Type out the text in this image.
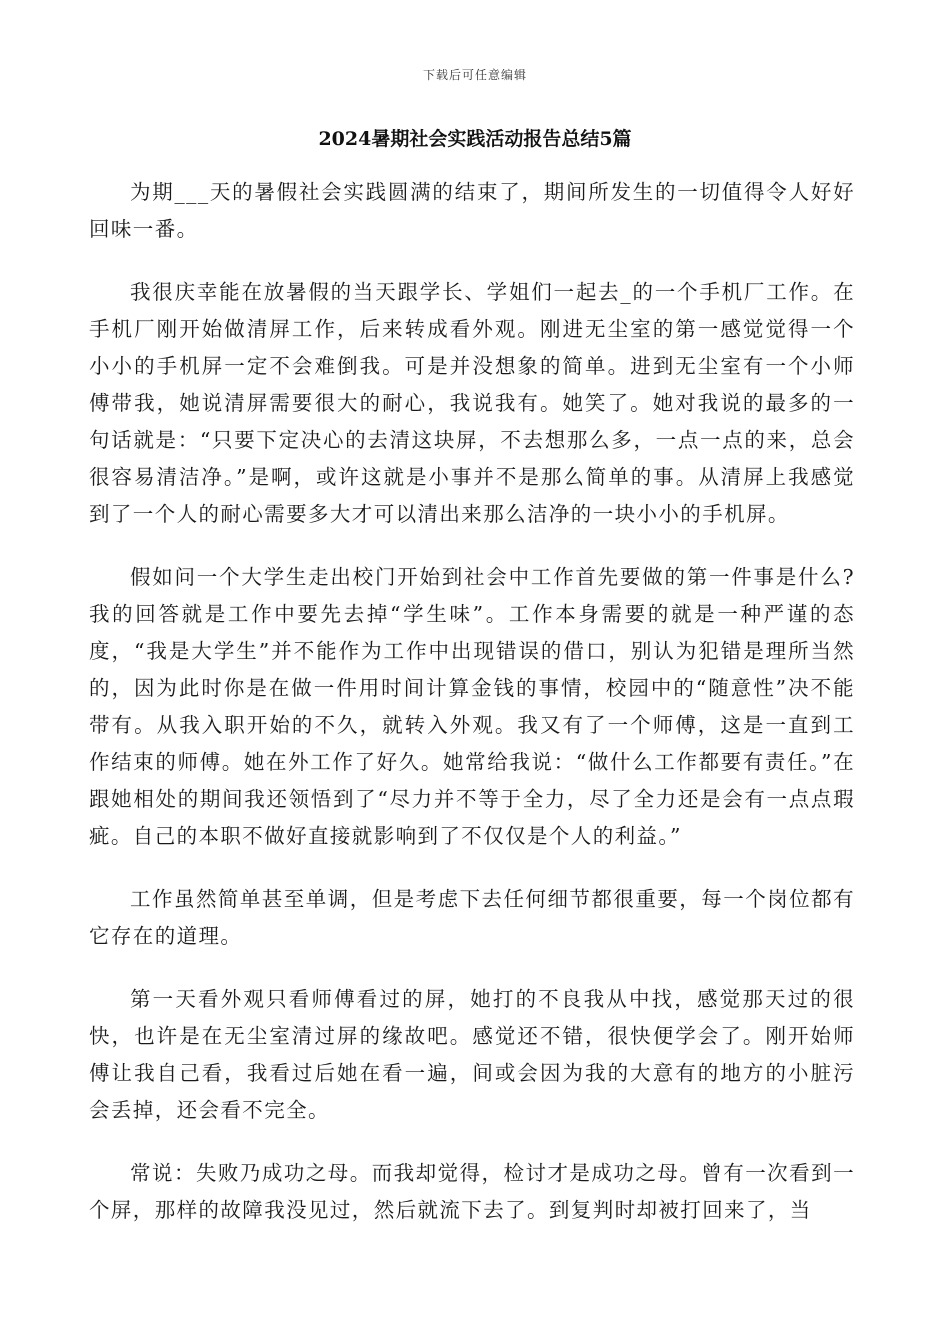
下载后可任意编辑
2024暑期社会实践活动报告总结5篇

为期___天的暑假社会实践圆满的结束了，期间所发生的一切值得令人好好回味一番。

我很庆幸能在放暑假的当天跟学长、学姐们一起去_的一个手机厂工作。在手机厂刚开始做清屏工作，后来转成看外观。刚进无尘室的第一感觉觉得一个小小的手机屏一定不会难倒我。可是并没想象的简单。进到无尘室有一个小师傅带我，她说清屏需要很大的耐心，我说我有。她笑了。她对我说的最多的一句话就是：“只要下定决心的去清这块屏，不去想那么多，一点一点的来，总会很容易清洁净。”是啊，或许这就是小事并不是那么简单的事。从清屏上我感觉到了一个人的耐心需要多大才可以清出来那么洁净的一块小小的手机屏。

假如问一个大学生走出校门开始到社会中工作首先要做的第一件事是什么?我的回答就是工作中要先去掉“学生味”。工作本身需要的就是一种严谨的态度，“我是大学生”并不能作为工作中出现错误的借口，别认为犯错是理所当然的，因为此时你是在做一件用时间计算金钱的事情，校园中的“随意性”决不能带有。从我入职开始的不久，就转入外观。我又有了一个师傅，这是一直到工作结束的师傅。她在外工作了好久。她常给我说：“做什么工作都要有责任。”在跟她相处的期间我还领悟到了“尽力并不等于全力，尽了全力还是会有一点点瑕疵。自己的本职不做好直接就影响到了不仅仅是个人的利益。”

工作虽然简单甚至单调，但是考虑下去任何细节都很重要，每一个岗位都有它存在的道理。

第一天看外观只看师傅看过的屏，她打的不良我从中找，感觉那天过的很快，也许是在无尘室清过屏的缘故吧。感觉还不错，很快便学会了。刚开始师傅让我自己看，我看过后她在看一遍，间或会因为我的大意有的地方的小脏污会丢掉，还会看不完全。

常说：失败乃成功之母。而我却觉得，检讨才是成功之母。曾有一次看到一个屏，那样的故障我没见过，然后就流下去了。到复判时却被打回来了，当
